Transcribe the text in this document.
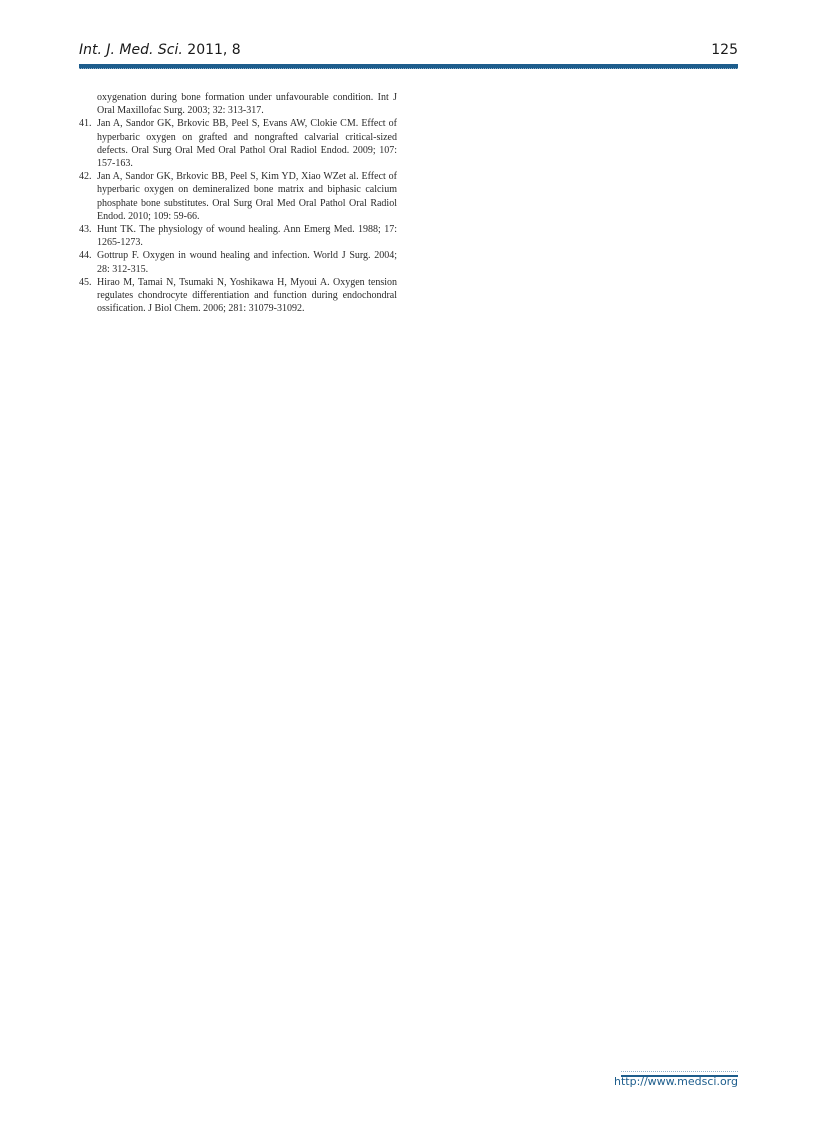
Int. J. Med. Sci. 2011, 8	125
oxygenation during bone formation under unfavourable condition. Int J Oral Maxillofac Surg. 2003; 32: 313-317.
41. Jan A, Sandor GK, Brkovic BB, Peel S, Evans AW, Clokie CM. Effect of hyperbaric oxygen on grafted and nongrafted calvarial critical-sized defects. Oral Surg Oral Med Oral Pathol Oral Radiol Endod. 2009; 107: 157-163.
42. Jan A, Sandor GK, Brkovic BB, Peel S, Kim YD, Xiao WZet al. Effect of hyperbaric oxygen on demineralized bone matrix and biphasic calcium phosphate bone substitutes. Oral Surg Oral Med Oral Pathol Oral Radiol Endod. 2010; 109: 59-66.
43. Hunt TK. The physiology of wound healing. Ann Emerg Med. 1988; 17: 1265-1273.
44. Gottrup F. Oxygen in wound healing and infection. World J Surg. 2004; 28: 312-315.
45. Hirao M, Tamai N, Tsumaki N, Yoshikawa H, Myoui A. Oxygen tension regulates chondrocyte differentiation and function during endochondral ossification. J Biol Chem. 2006; 281: 31079-31092.
http://www.medsci.org
